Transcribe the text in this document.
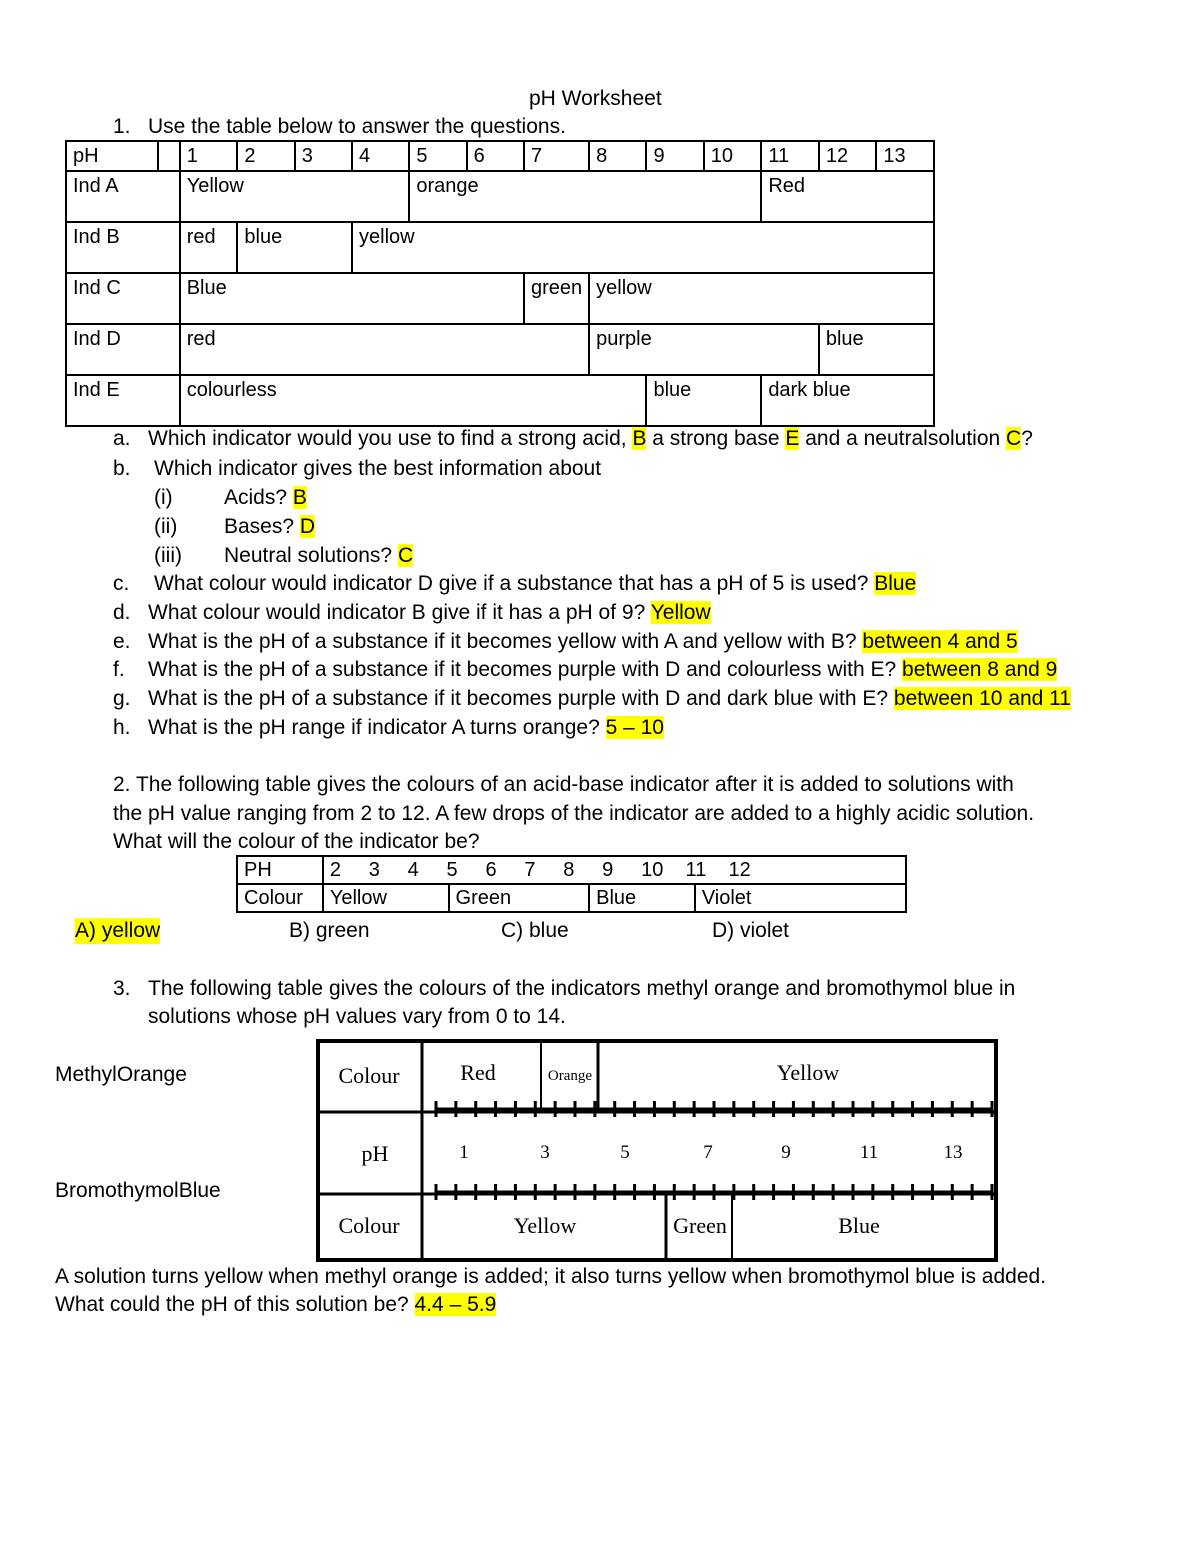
pH Worksheet
1. Use the table below to answer the questions.
pH		1	2	3	4	5	6	7	8	9	10	11	12	13
Ind A		Yellow				orange						Red		
Ind B		red	blue		yellow									
Ind C		Blue						green	yellow					
Ind D		red							purple				blue	
Ind E		colourless								blue		dark blue		
a. Which indicator would you use to find a strong acid, B a strong base E and a neutralsolution C?
b. Which indicator gives the best information about
(i) Acids? B
(ii) Bases? D
(iii) Neutral solutions? C
c. What colour would indicator D give if a substance that has a pH of 5 is used? Blue
d. What colour would indicator B give if it has a pH of 9? Yellow
e. What is the pH of a substance if it becomes yellow with A and yellow with B? between 4 and 5
f. What is the pH of a substance if it becomes purple with D and colourless with E? between 8 and 9
g. What is the pH of a substance if it becomes purple with D and dark blue with E? between 10 and 11
h. What is the pH range if indicator A turns orange? 5 – 10
2. The following table gives the colours of an acid-base indicator after it is added to solutions with
the pH value ranging from 2 to 12. A few drops of the indicator are added to a highly acidic solution.
What will the colour of the indicator be?
PH	2     3     4     5     6     7     8     9     10    11    12			
Colour	Yellow	Green	Blue	Violet
A) yellow	B) green	C) blue	D) violet
3. The following table gives the colours of the indicators methyl orange and bromothymol blue in
solutions whose pH values vary from 0 to 14.
MethylOrange
BromothymolBlue
Colour	Red	Orange	Yellow
pH	1	3	5	7	9	11	13
Colour	Yellow	Green	Blue
A solution turns yellow when methyl orange is added; it also turns yellow when bromothymol blue is added.
What could the pH of this solution be? 4.4 – 5.9
